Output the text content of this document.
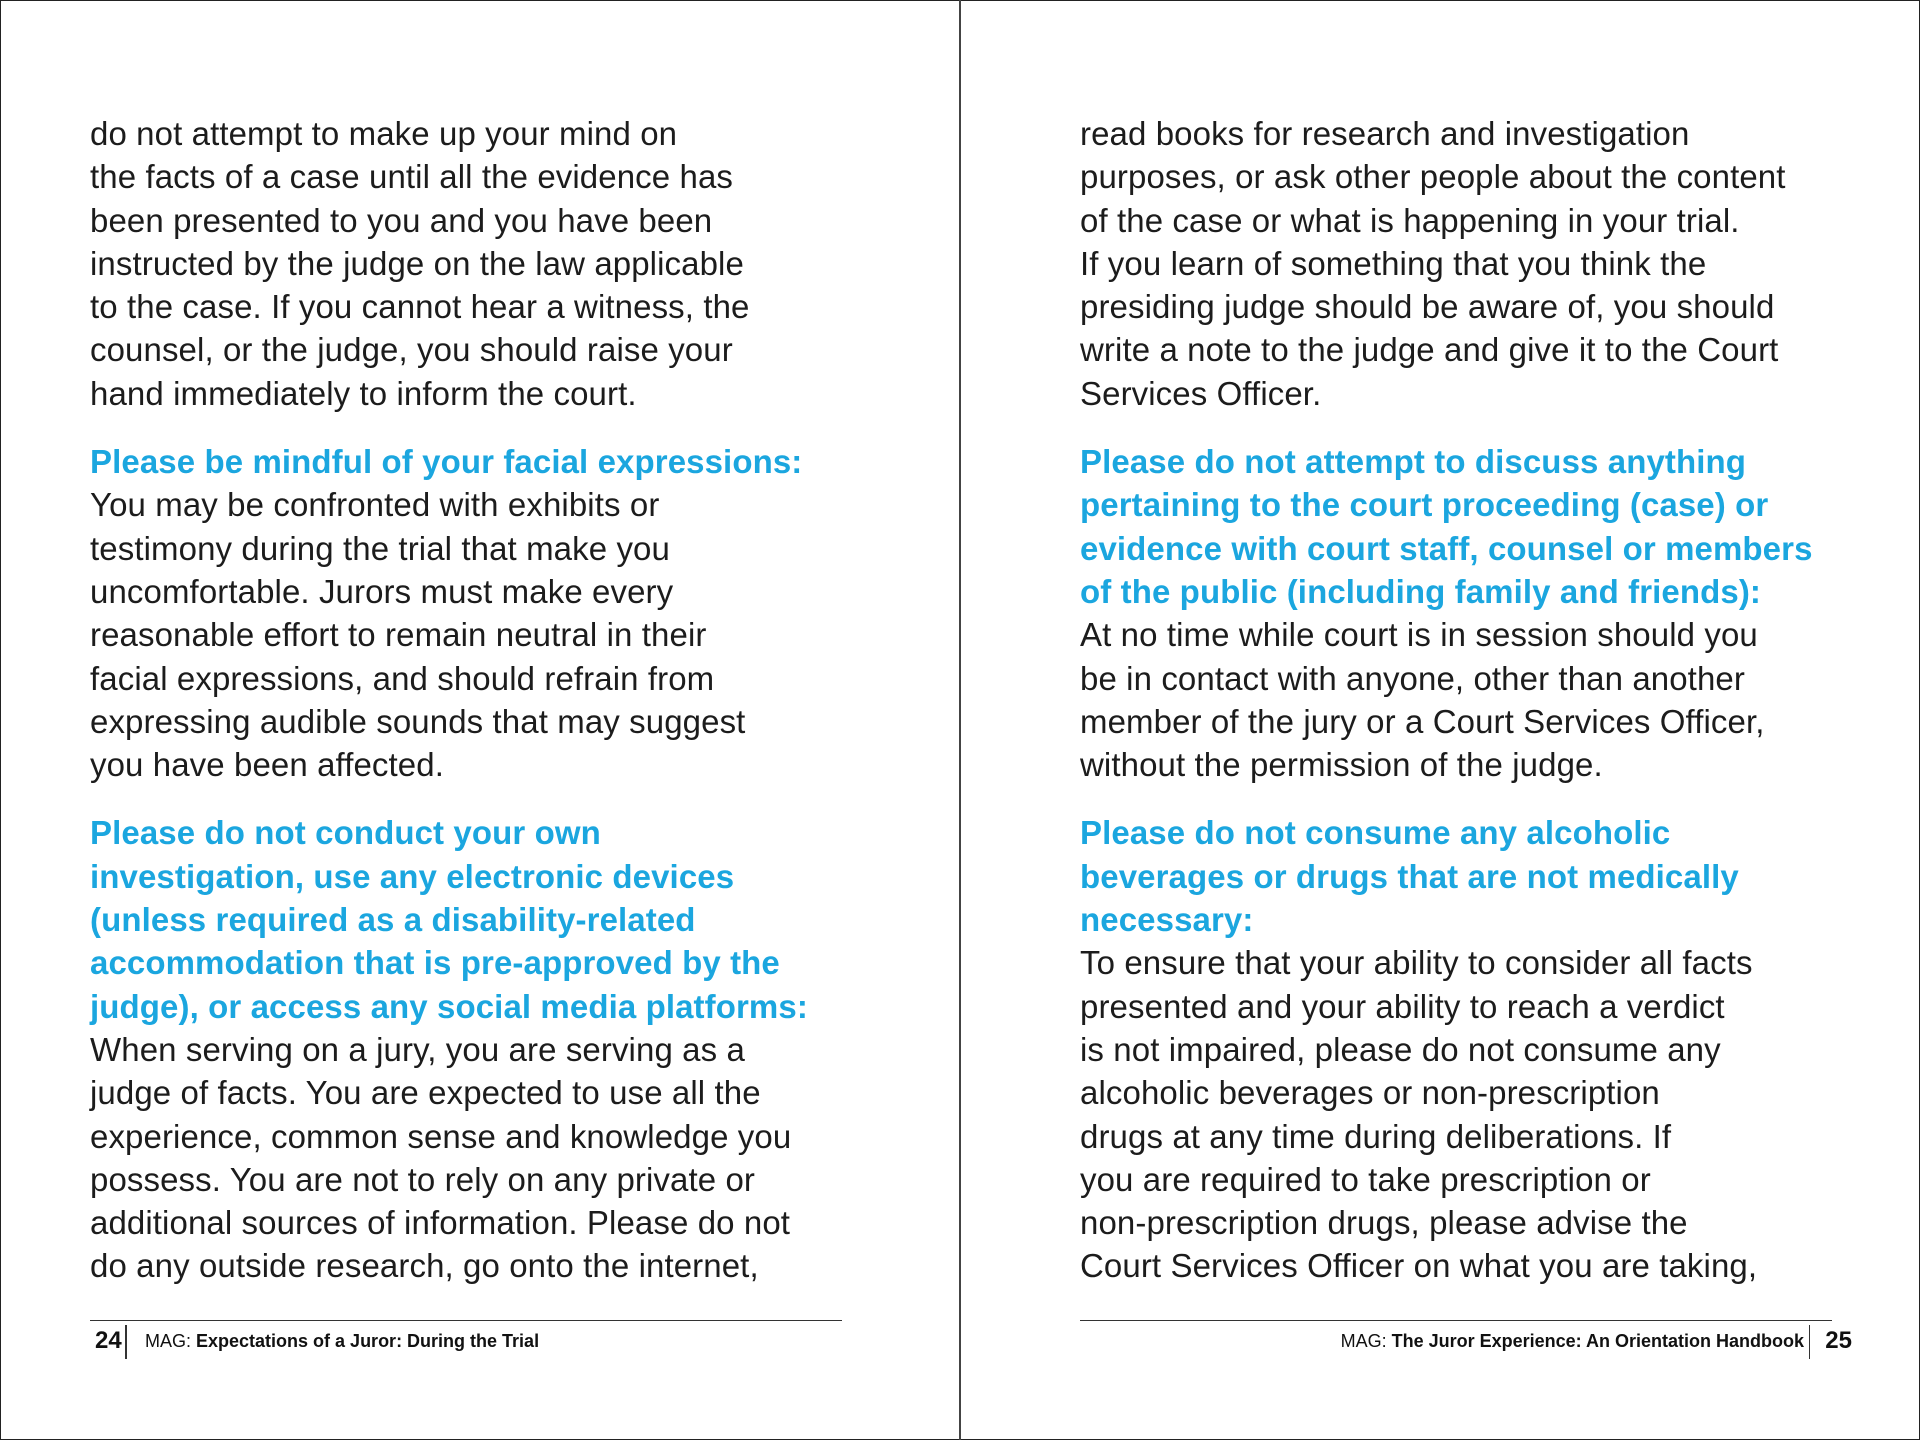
do not attempt to make up your mind on
the facts of a case until all the evidence has
been presented to you and you have been
instructed by the judge on the law applicable
to the case. If you cannot hear a witness, the
counsel, or the judge, you should raise your
hand immediately to inform the court.

Please be mindful of your facial expressions:
You may be confronted with exhibits or
testimony during the trial that make you
uncomfortable. Jurors must make every
reasonable effort to remain neutral in their
facial expressions, and should refrain from
expressing audible sounds that may suggest
you have been affected.

Please do not conduct your own
investigation, use any electronic devices
(unless required as a disability-related
accommodation that is pre-approved by the
judge), or access any social media platforms:
When serving on a jury, you are serving as a
judge of facts. You are expected to use all the
experience, common sense and knowledge you
possess. You are not to rely on any private or
additional sources of information. Please do not
do any outside research, go onto the internet,

read books for research and investigation
purposes, or ask other people about the content
of the case or what is happening in your trial.
If you learn of something that you think the
presiding judge should be aware of, you should
write a note to the judge and give it to the Court
Services Officer.

Please do not attempt to discuss anything
pertaining to the court proceeding (case) or
evidence with court staff, counsel or members
of the public (including family and friends):
At no time while court is in session should you
be in contact with anyone, other than another
member of the jury or a Court Services Officer,
without the permission of the judge.

Please do not consume any alcoholic
beverages or drugs that are not medically
necessary:
To ensure that your ability to consider all facts
presented and your ability to reach a verdict
is not impaired, please do not consume any
alcoholic beverages or non-prescription
drugs at any time during deliberations. If
you are required to take prescription or
non-prescription drugs, please advise the
Court Services Officer on what you are taking,

24 MAG: Expectations of a Juror: During the Trial	MAG: The Juror Experience: An Orientation Handbook 25
